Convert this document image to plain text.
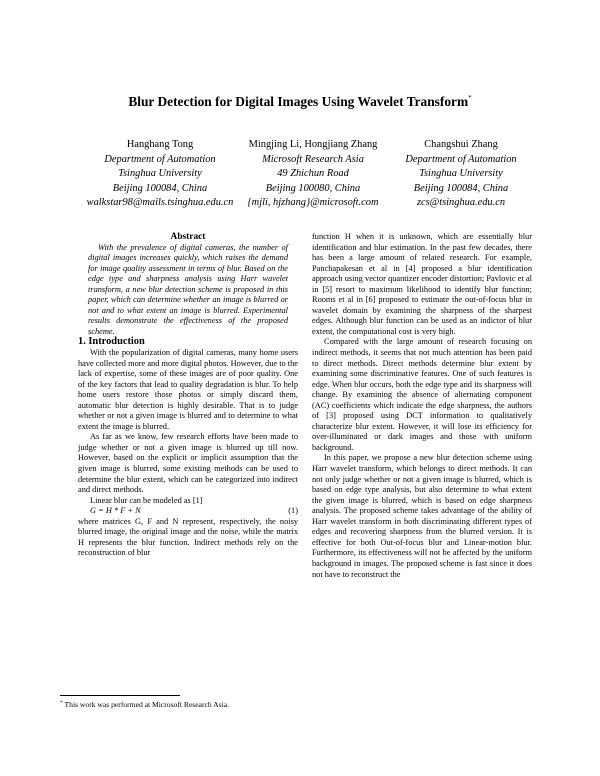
Blur Detection for Digital Images Using Wavelet Transform*
Hanghang Tong
Department of Automation
Tsinghua University
Beijing 100084, China
walkstar98@mails.tsinghua.edu.cn
Mingjing Li, Hongjiang Zhang
Microsoft Research Asia
49 Zhichun Road
Beijing 100080, China
{mjli, hjzhang}@microsoft.com
Changshui Zhang
Department of Automation
Tsinghua University
Beijing 100084, China
zcs@tsinghua.edu.cn

Abstract

With the prevalence of digital cameras, the number of digital images increases quickly, which raises the demand for image quality assessment in terms of blur. Based on the edge type and sharpness analysis using Harr wavelet transform, a new blur detection scheme is proposed in this paper, which can determine whether an image is blurred or not and to what extent an image is blurred. Experimental results demonstrate the effectiveness of the proposed scheme.

1. Introduction

With the popularization of digital cameras, many home users have collected more and more digital photos. However, due to the lack of expertise, some of these images are of poor quality. One of the key factors that lead to quality degradation is blur. To help home users restore those photos or simply discard them, automatic blur detection is highly desirable. That is to judge whether or not a given image is blurred and to determine to what extent the image is blurred.

As far as we know, few research efforts have been made to judge whether or not a given image is blurred up till now. However, based on the explicit or implicit assumption that the given image is blurred, some existing methods can be used to determine the blur extent, which can be categorized into indirect and direct methods.

Linear blur can be modeled as [1]

G = H * F + N	(1)

where matrices G, F and N represent, respectively, the noisy blurred image, the original image and the noise, while the matrix H represents the blur function. Indirect methods rely on the reconstruction of blur

function H when it is unknown, which are essentially blur identification and blur estimation. In the past few decades, there has been a large amount of related research. For example, Panchapakesan et al in [4] proposed a blur identification approach using vector quantizer encoder distortion; Pavlovic et al in [5] resort to maximum likelihood to identify blur function; Rooms et al in [6] proposed to estimate the out-of-focus blur in wavelet domain by examining the sharpness of the sharpest edges. Although blur function can be used as an indictor of blur extent, the computational cost is very high.

Compared with the large amount of research focusing on indirect methods, it seems that not much attention has been paid to direct methods. Direct methods determine blur extent by examining some discriminative features. One of such features is edge. When blur occurs, both the edge type and its sharpness will change. By examining the absence of alternating component (AC) coefficients which indicate the edge sharpness, the authors of [3] proposed using DCT information to qualitatively characterize blur extent. However, it will lose its efficiency for over-illuminated or dark images and those with uniform background.

In this paper, we propose a new blur detection scheme using Harr wavelet transform, which belongs to direct methods. It can not only judge whether or not a given image is blurred, which is based on edge type analysis, but also determine to what extent the given image is blurred, which is based on edge sharpness analysis. The proposed scheme takes advantage of the ability of Harr wavelet transform in both discriminating different types of edges and recovering sharpness from the blurred version. It is effective for both Out-of-focus blur and Linear-motion blur. Furthermore, its effectiveness will not be affected by the uniform background in images. The proposed scheme is fast since it does not have to reconstruct the

* This work was performed at Microsoft Research Asia.
